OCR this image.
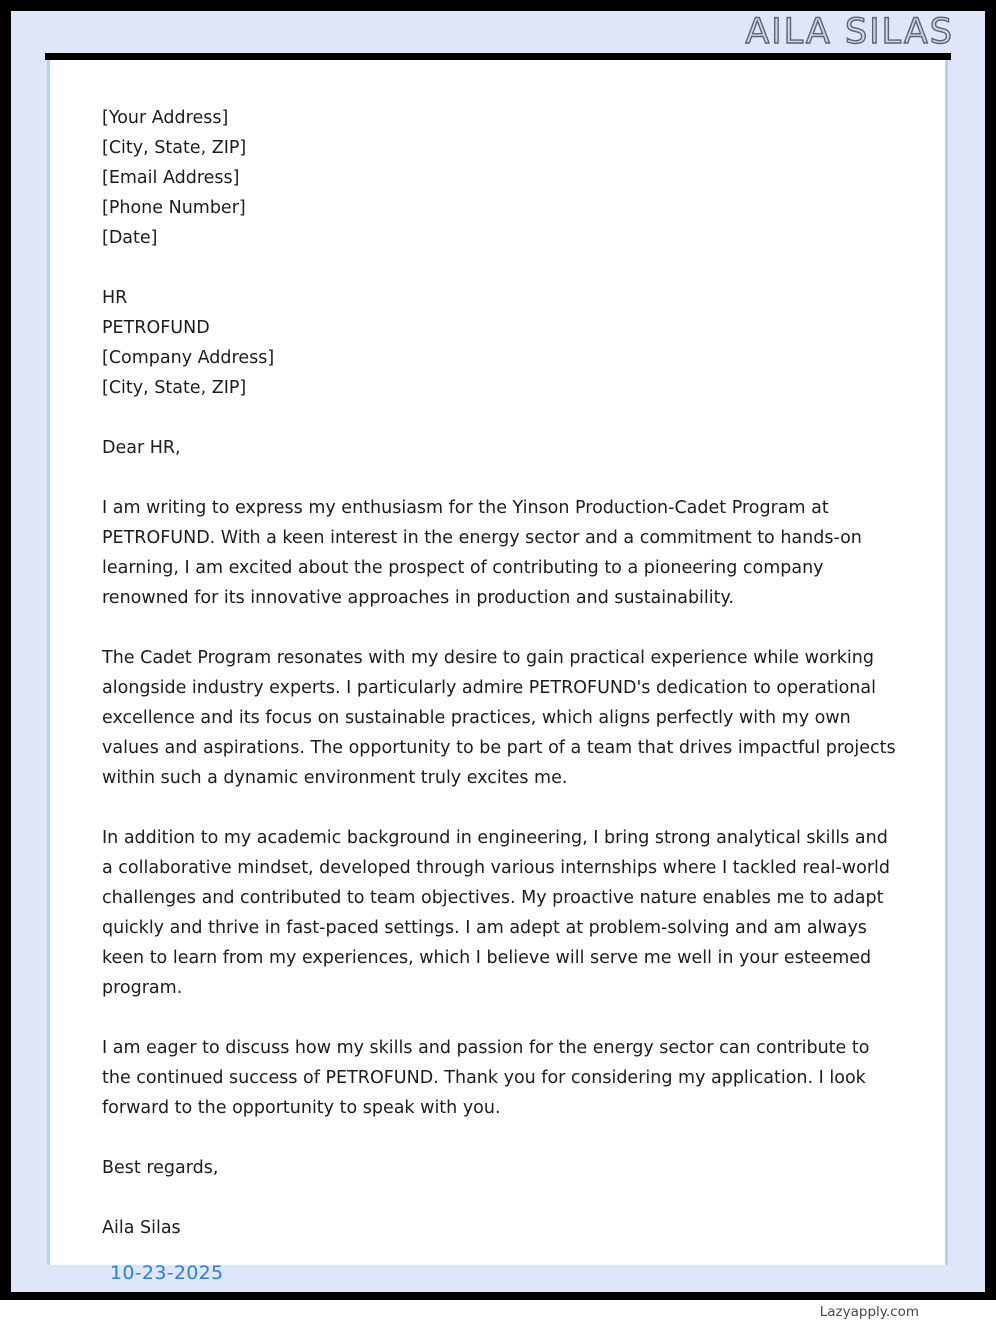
AILA SILAS
[Your Address]
[City, State, ZIP]
[Email Address]
[Phone Number]
[Date]
HR
PETROFUND
[Company Address]
[City, State, ZIP]

Dear HR,

I am writing to express my enthusiasm for the Yinson Production-Cadet Program at PETROFUND. With a keen interest in the energy sector and a commitment to hands-on learning, I am excited about the prospect of contributing to a pioneering company renowned for its innovative approaches in production and sustainability.

The Cadet Program resonates with my desire to gain practical experience while working alongside industry experts. I particularly admire PETROFUND's dedication to operational excellence and its focus on sustainable practices, which aligns perfectly with my own values and aspirations. The opportunity to be part of a team that drives impactful projects within such a dynamic environment truly excites me.

In addition to my academic background in engineering, I bring strong analytical skills and a collaborative mindset, developed through various internships where I tackled real-world challenges and contributed to team objectives. My proactive nature enables me to adapt quickly and thrive in fast-paced settings. I am adept at problem-solving and am always keen to learn from my experiences, which I believe will serve me well in your esteemed program.

I am eager to discuss how my skills and passion for the energy sector can contribute to the continued success of PETROFUND. Thank you for considering my application. I look forward to the opportunity to speak with you.

Best regards,

Aila Silas

Lazyapply.com
10-23-2025
